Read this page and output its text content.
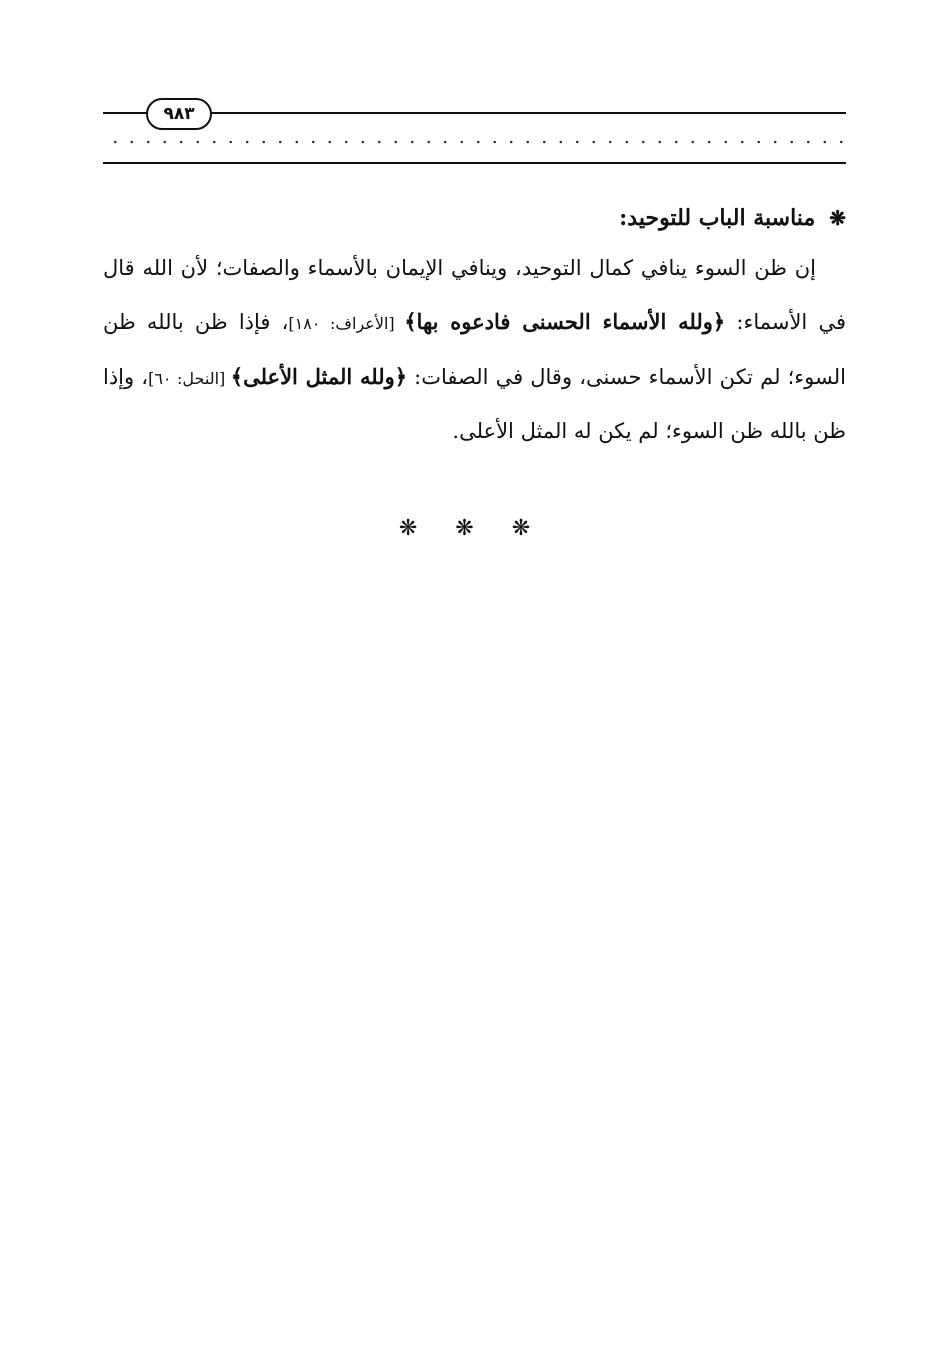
٩٨٣

❋مناسبة الباب للتوحيد:

إن ظن السوء ينافي كمال التوحيد، وينافي الإيمان بالأسماء والصفات؛ لأن الله قال في الأسماء: ﴿ولله الأسماء الحسنى فادعوه بها﴾ [الأعراف: ١٨٠]، فإذا ظن بالله ظن السوء؛ لم تكن الأسماء حسنى، وقال في الصفات: ﴿ولله المثل الأعلى﴾ [النحل: ٦٠]، وإذا ظن بالله ظن السوء؛ لم يكن له المثل الأعلى.

❋ ❋ ❋
